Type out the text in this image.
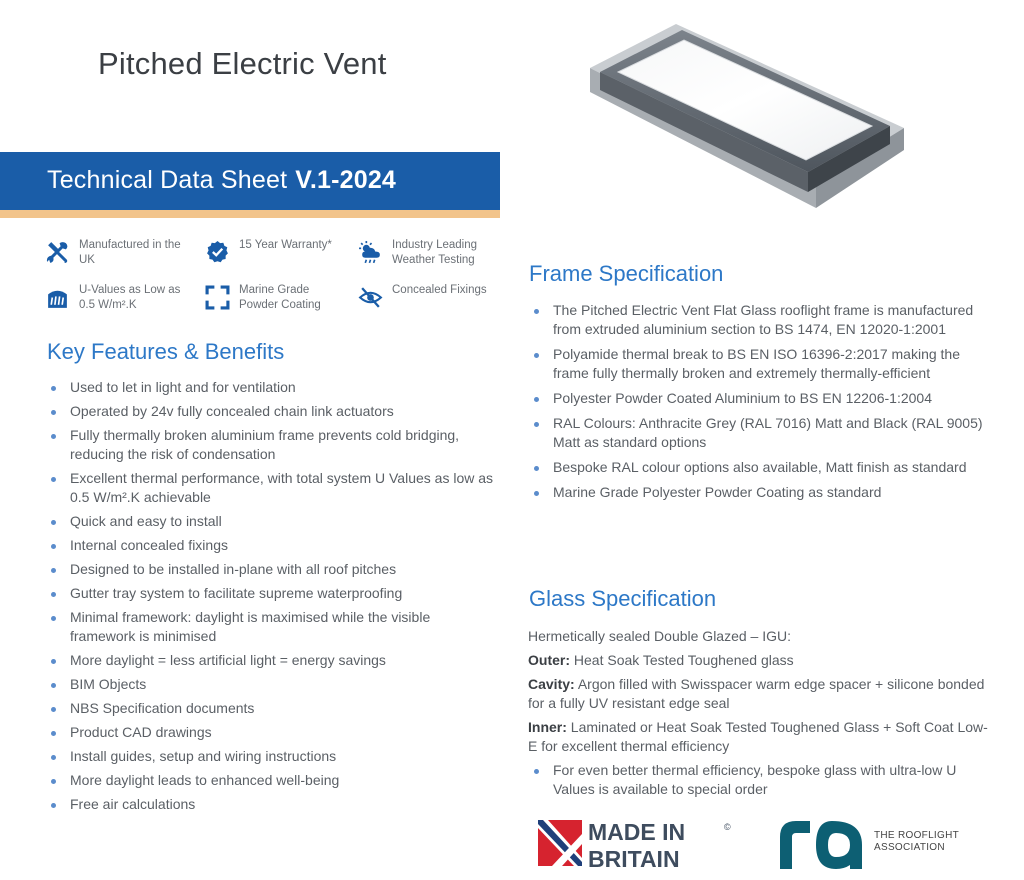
Pitched Electric Vent
Technical Data Sheet V.1-2024
Manufactured in the UK
15 Year Warranty*	Industry Leading Weather Testing
U-Values as Low as 0.5 W/m².K
Marine Grade Powder Coating
Concealed Fixings
Key Features & Benefits
Used to let in light and for ventilation
Operated by 24v fully concealed chain link actuators
Fully thermally broken aluminium frame prevents cold bridging, reducing the risk of condensation
Excellent thermal performance, with total system U Values as low as 0.5 W/m².K achievable
Quick and easy to install
Internal concealed fixings
Designed to be installed in-plane with all roof pitches
Gutter tray system to facilitate supreme waterproofing
Minimal framework: daylight is maximised while the visible framework is minimised
More daylight = less artificial light = energy savings
BIM Objects
NBS Specification documents
Product CAD drawings
Install guides, setup and wiring instructions
More daylight leads to enhanced well-being
Free air calculations
Frame Specification
The Pitched Electric Vent Flat Glass rooflight frame is manufactured from extruded aluminium section to BS 1474, EN 12020-1:2001
Polyamide thermal break to BS EN ISO 16396-2:2017 making the frame fully thermally broken and extremely thermally-efficient
Polyester Powder Coated Aluminium to BS EN 12206-1:2004
RAL Colours: Anthracite Grey (RAL 7016) Matt and Black (RAL 9005) Matt as standard options
Bespoke RAL colour options also available, Matt finish as standard
Marine Grade Polyester Powder Coating as standard
Glass Specification
Hermetically sealed Double Glazed – IGU:
Outer: Heat Soak Tested Toughened glass
Cavity: Argon filled with Swisspacer warm edge spacer + silicone bonded for a fully UV resistant edge seal
Inner: Laminated or Heat Soak Tested Toughened Glass + Soft Coat Low-E for excellent thermal efficiency
For even better thermal efficiency, bespoke glass with ultra-low U Values is available to special order
MADE IN
BRITAIN
©
THE ROOFLIGHT
ASSOCIATION
